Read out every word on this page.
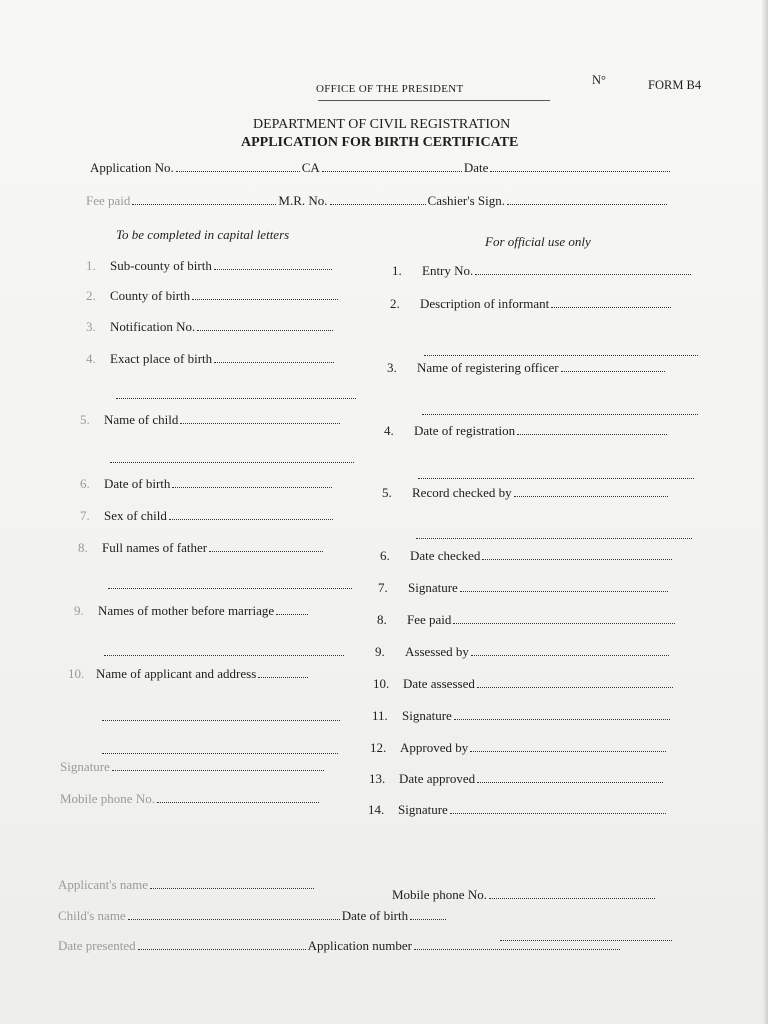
OFFICE OF THE PRESIDENT
N°	FORM B4
DEPARTMENT OF CIVIL REGISTRATION
APPLICATION FOR BIRTH CERTIFICATE
Application No.	CA	Date
Fee paid	M.R. No.	Cashier's Sign.
To be completed in capital letters	For official use only
1. Sub-county of birth
2. County of birth
3. Notification No.
4. Exact place of birth
5. Name of child
6. Date of birth
7. Sex of child
8. Full names of father
9. Names of mother before marriage
10. Name of applicant and address
Signature
Mobile phone No.
1. Entry No.
2. Description of informant
3. Name of registering officer
4. Date of registration
5. Record checked by
6. Date checked
7. Signature
8. Fee paid
9. Assessed by
10. Date assessed
11. Signature
12. Approved by
13. Date approved
14. Signature
Applicant's name
Mobile phone No.
Child's name	Date of birth
Date presented	Application number
